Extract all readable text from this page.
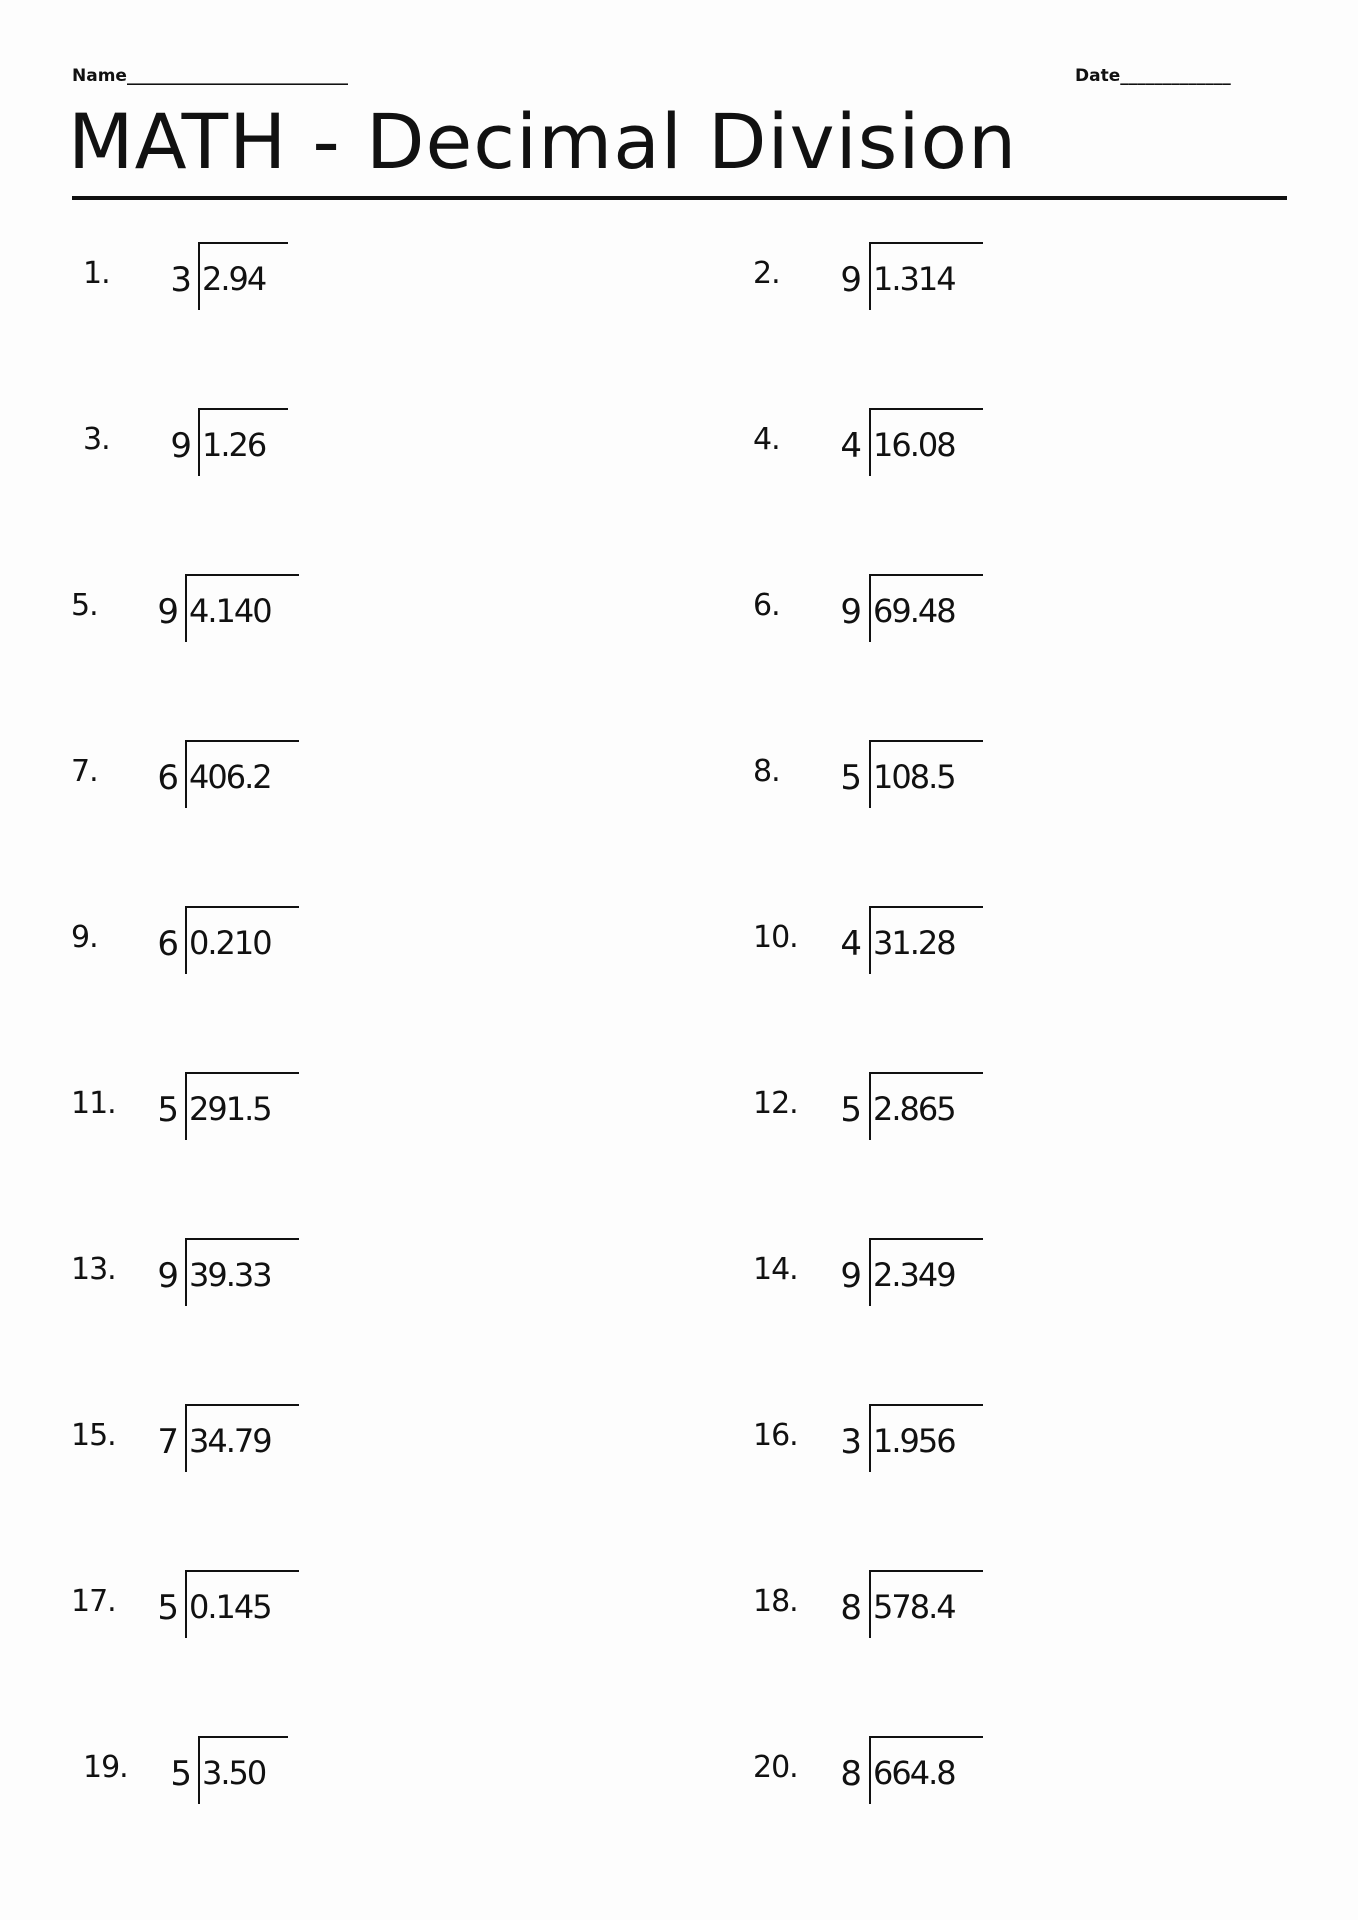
Name__________________________	Date_____________
MATH - Decimal Division
1.	3 2.94	2.	9 1.314
3.	9 1.26	4.	4 16.08
5.	9 4.140	6.	9 69.48
7.	6 406.2	8.	5 108.5
9.	6 0.210	10.	4 31.28
11.	5 291.5	12.	5 2.865
13.	9 39.33	14.	9 2.349
15.	7 34.79	16.	3 1.956
17.	5 0.145	18.	8 578.4
19.	5 3.50	20.	8 664.8
